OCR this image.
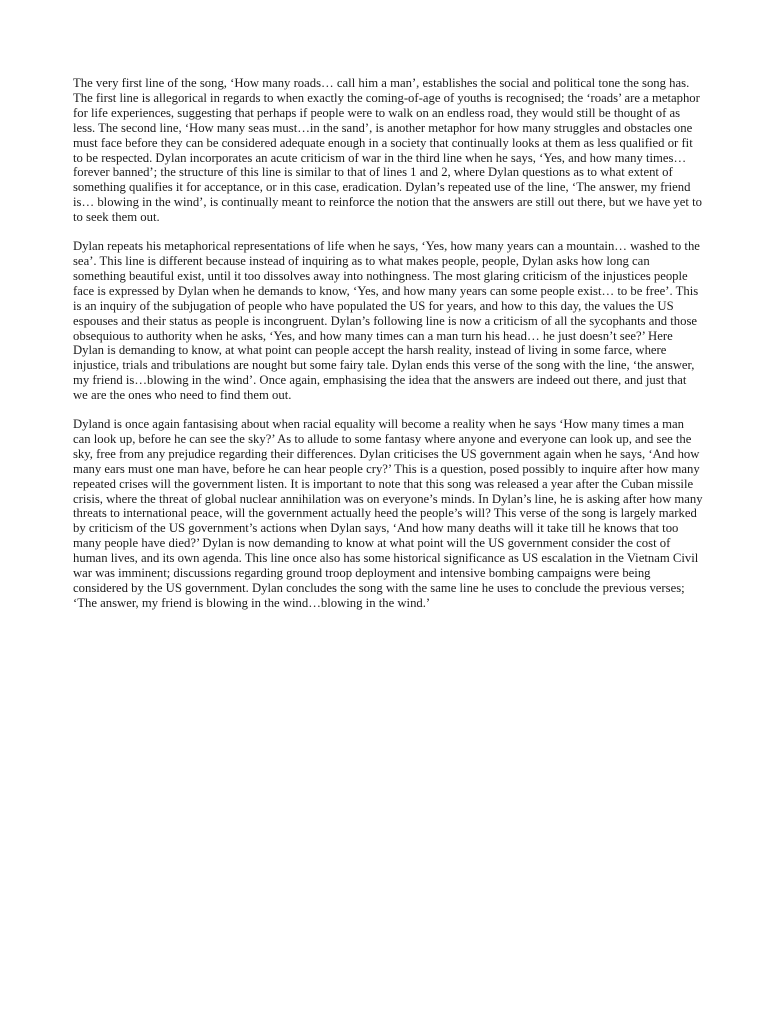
The very first line of the song, ‘How many roads… call him a man’, establishes the social and political tone the song has. The first line is allegorical in regards to when exactly the coming-of-age of youths is recognised; the ‘roads’ are a metaphor for life experiences, suggesting that perhaps if people were to walk on an endless road, they would still be thought of as less. The second line, ‘How many seas must…in the sand’, is another metaphor for how many struggles and obstacles one must face before they can be considered adequate enough in a society that continually looks at them as less qualified or fit to be respected. Dylan incorporates an acute criticism of war in the third line when he says, ‘Yes, and how many times… forever banned’; the structure of this line is similar to that of lines 1 and 2, where Dylan questions as to what extent of something qualifies it for acceptance, or in this case, eradication. Dylan’s repeated use of the line, ‘The answer, my friend is… blowing in the wind’, is continually meant to reinforce the notion that the answers are still out there, but we have yet to to seek them out.

Dylan repeats his metaphorical representations of life when he says, ‘Yes, how many years can a mountain… washed to the sea’. This line is different because instead of inquiring as to what makes people, people, Dylan asks how long can something beautiful exist, until it too dissolves away into nothingness. The most glaring criticism of the injustices people face is expressed by Dylan when he demands to know, ‘Yes, and how many years can some people exist… to be free’. This is an inquiry of the subjugation of people who have populated the US for years, and how to this day, the values the US espouses and their status as people is incongruent. Dylan’s following line is now a criticism of all the sycophants and those obsequious to authority when he asks, ‘Yes, and how many times can a man turn his head… he just doesn’t see?’ Here Dylan is demanding to know, at what point can people accept the harsh reality, instead of living in some farce, where injustice, trials and tribulations are nought but some fairy tale. Dylan ends this verse of the song with the line, ‘the answer, my friend is…blowing in the wind’. Once again, emphasising the idea that the answers are indeed out there, and just that we are the ones who need to find them out.

Dyland is once again fantasising about when racial equality will become a reality when he says ‘How many times a man can look up, before he can see the sky?’ As to allude to some fantasy where anyone and everyone can look up, and see the sky, free from any prejudice regarding their differences. Dylan criticises the US government again when he says, ‘And how many ears must one man have, before he can hear people cry?’ This is a question, posed possibly to inquire after how many repeated crises will the government listen. It is important to note that this song was released a year after the Cuban missile crisis, where the threat of global nuclear annihilation was on everyone’s minds. In Dylan’s line, he is asking after how many threats to international peace, will the government actually heed the people’s will? This verse of the song is largely marked by criticism of the US government’s actions when Dylan says, ‘And how many deaths will it take till he knows that too many people have died?’ Dylan is now demanding to know at what point will the US government consider the cost of human lives, and its own agenda. This line once also has some historical significance as US escalation in the Vietnam Civil war was imminent; discussions regarding ground troop deployment and intensive bombing campaigns were being considered by the US government. Dylan concludes the song with the same line he uses to conclude the previous verses; ‘The answer, my friend is blowing in the wind…blowing in the wind.’
